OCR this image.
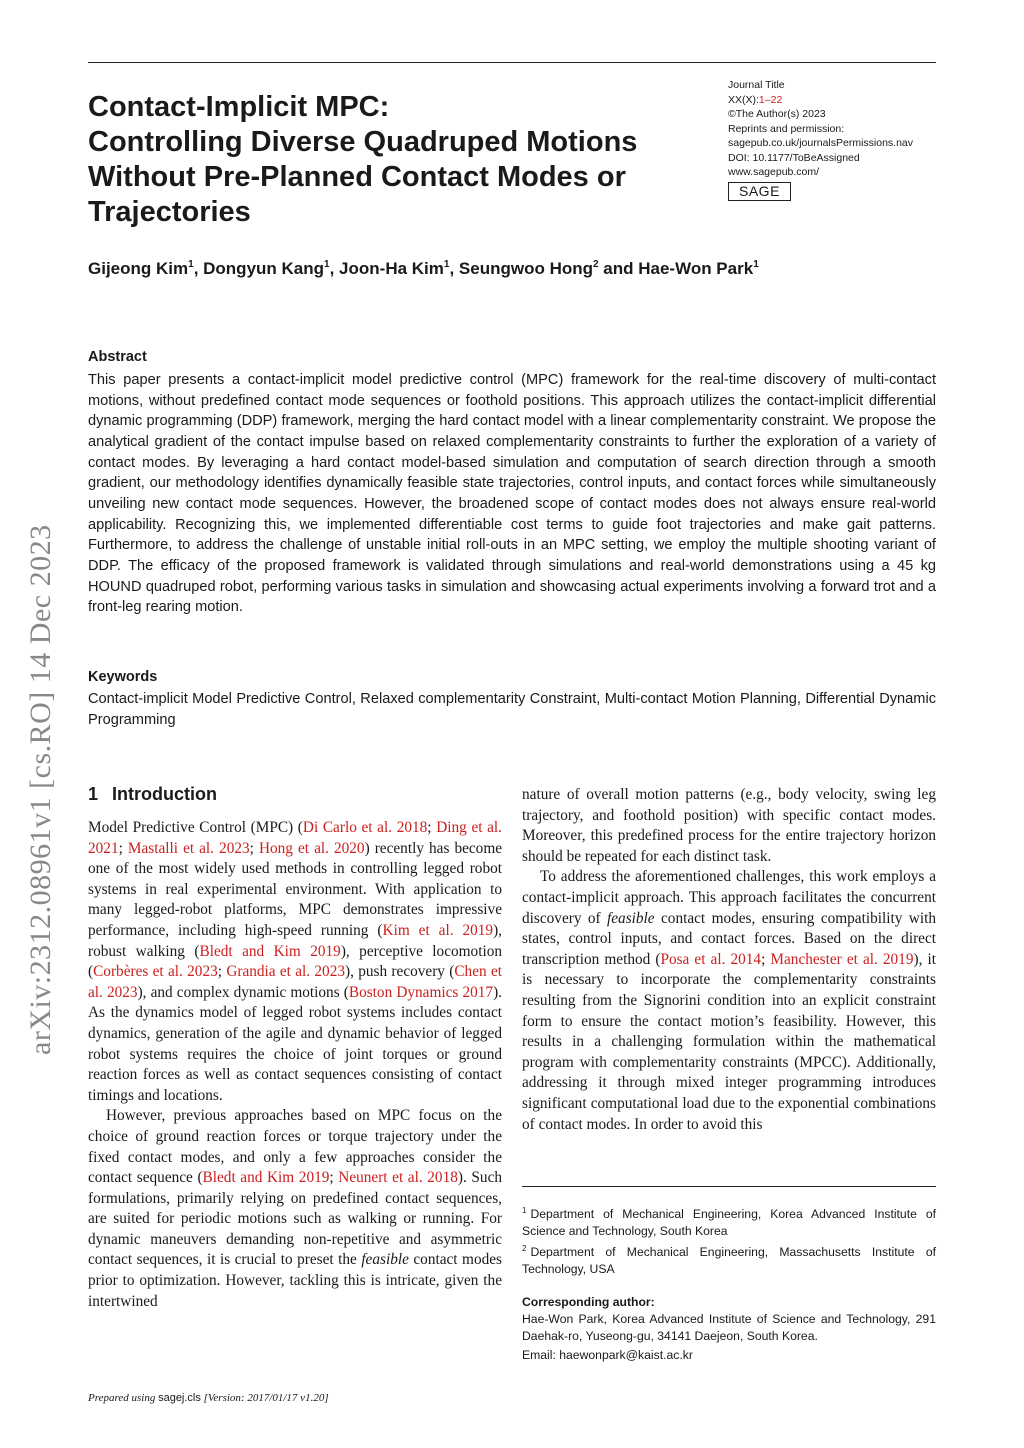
Contact-Implicit MPC:
Controlling Diverse Quadruped Motions
Without Pre-Planned Contact Modes or
Trajectories
Journal Title
XX(X):1–22
©The Author(s) 2023
Reprints and permission:
sagepub.co.uk/journalsPermissions.nav
DOI: 10.1177/ToBeAssigned
www.sagepub.com/
SAGE
Gijeong Kim$^1$, Dongyun Kang$^1$, Joon-Ha Kim$^1$, Seungwoo Hong$^2$ and Hae-Won Park$^1$
Abstract
This paper presents a contact-implicit model predictive control (MPC) framework for the real-time discovery of multi-contact motions, without predefined contact mode sequences or foothold positions. This approach utilizes the contact-implicit differential dynamic programming (DDP) framework, merging the hard contact model with a linear complementarity constraint. We propose the analytical gradient of the contact impulse based on relaxed complementarity constraints to further the exploration of a variety of contact modes. By leveraging a hard contact model-based simulation and computation of search direction through a smooth gradient, our methodology identifies dynamically feasible state trajectories, control inputs, and contact forces while simultaneously unveiling new contact mode sequences. However, the broadened scope of contact modes does not always ensure real-world applicability. Recognizing this, we implemented differentiable cost terms to guide foot trajectories and make gait patterns. Furthermore, to address the challenge of unstable initial roll-outs in an MPC setting, we employ the multiple shooting variant of DDP. The efficacy of the proposed framework is validated through simulations and real-world demonstrations using a 45 kg HOUND quadruped robot, performing various tasks in simulation and showcasing actual experiments involving a forward trot and a front-leg rearing motion.
Keywords
Contact-implicit Model Predictive Control, Relaxed complementarity Constraint, Multi-contact Motion Planning, Differential Dynamic Programming
arXiv:2312.08961v1 [cs.RO] 14 Dec 2023 1 Introduction

Model Predictive Control (MPC) (Di Carlo et al. 2018; Ding et al. 2021; Mastalli et al. 2023; Hong et al. 2020) recently has become one of the most widely used methods in controlling legged robot systems in real experimental environment. With application to many legged-robot platforms, MPC demonstrates impressive performance, including high-speed running (Kim et al. 2019), robust walking (Bledt and Kim 2019), perceptive locomotion (Corbères et al. 2023; Grandia et al. 2023), push recovery (Chen et al. 2023), and complex dynamic motions (Boston Dynamics 2017). As the dynamics model of legged robot systems includes contact dynamics, generation of the agile and dynamic behavior of legged robot systems requires the choice of joint torques or ground reaction forces as well as contact sequences consisting of contact timings and locations.

However, previous approaches based on MPC focus on the choice of ground reaction forces or torque trajectory under the fixed contact modes, and only a few approaches consider the contact sequence (Bledt and Kim 2019; Neunert et al. 2018). Such formulations, primarily relying on predefined contact sequences, are suited for periodic motions such as walking or running. For dynamic maneuvers demanding non-repetitive and asymmetric contact sequences, it is crucial to preset the feasible contact modes prior to optimization. However, tackling this is intricate, given the intertwined

nature of overall motion patterns (e.g., body velocity, swing leg trajectory, and foothold position) with specific contact modes. Moreover, this predefined process for the entire trajectory horizon should be repeated for each distinct task.

To address the aforementioned challenges, this work employs a contact-implicit approach. This approach facilitates the concurrent discovery of feasible contact modes, ensuring compatibility with states, control inputs, and contact forces. Based on the direct transcription method (Posa et al. 2014; Manchester et al. 2019), it is necessary to incorporate the complementarity constraints resulting from the Signorini condition into an explicit constraint form to ensure the contact motion’s feasibility. However, this results in a challenging formulation within the mathematical program with complementarity constraints (MPCC). Additionally, addressing it through mixed integer programming introduces significant computational load due to the exponential combinations of contact modes. In order to avoid this

$^1$ Department of Mechanical Engineering, Korea Advanced Institute of Science and Technology, South Korea
$^2$ Department of Mechanical Engineering, Massachusetts Institute of Technology, USA
Corresponding author:
Hae-Won Park, Korea Advanced Institute of Science and Technology, 291 Daehak-ro, Yuseong-gu, 34141 Daejeon, South Korea.
Email: haewonpark@kaist.ac.kr
Prepared using sagej.cls [Version: 2017/01/17 v1.20]
